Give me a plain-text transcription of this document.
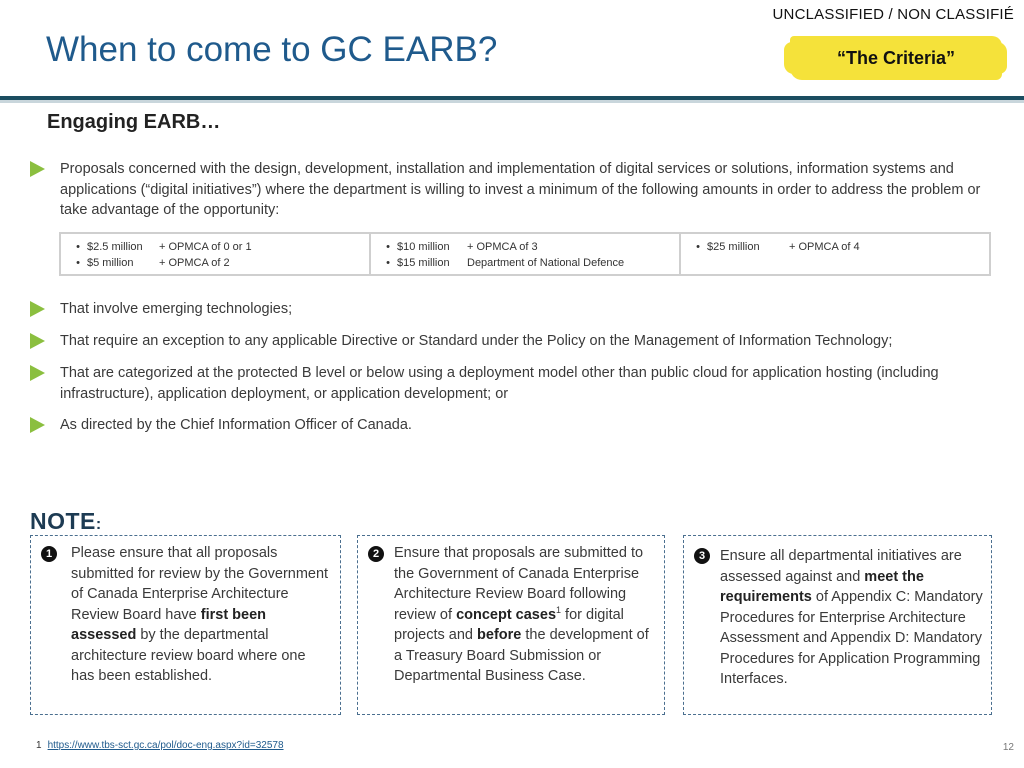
UNCLASSIFIED / NON CLASSIFIÉ
When to come to GC EARB?	“The Criteria”
Engaging EARB…
Proposals concerned with the design, development, installation and implementation of digital services or solutions, information systems and applications (“digital initiatives”) where the department is willing to invest a minimum of the following amounts in order to address the problem or take advantage of the opportunity:
• $2.5 million	+ OPMCA of 0 or 1
• $5 million	+ OPMCA of 2
• $10 million	+ OPMCA of 3
• $15 million	Department of National Defence
• $25 million	+ OPMCA of 4
That involve emerging technologies;
That require an exception to any applicable Directive or Standard under the Policy on the Management of Information Technology;
That are categorized at the protected B level or below using a deployment model other than public cloud for application hosting (including infrastructure), application deployment, or application development; or
As directed by the Chief Information Officer of Canada.
NOTE:
1	Please ensure that all proposals submitted for review by the Government of Canada Enterprise Architecture Review Board have first been assessed by the departmental architecture review board where one has been established.
2	Ensure that proposals are submitted to the Government of Canada Enterprise Architecture Review Board following review of concept cases$^1$ for digital projects and before the development of a Treasury Board Submission or Departmental Business Case.
3	Ensure all departmental initiatives are assessed against and meet the requirements of Appendix C: Mandatory Procedures for Enterprise Architecture Assessment and Appendix D: Mandatory Procedures for Application Programming Interfaces.
1 https://www.tbs-sct.gc.ca/pol/doc-eng.aspx?id=32578	12
